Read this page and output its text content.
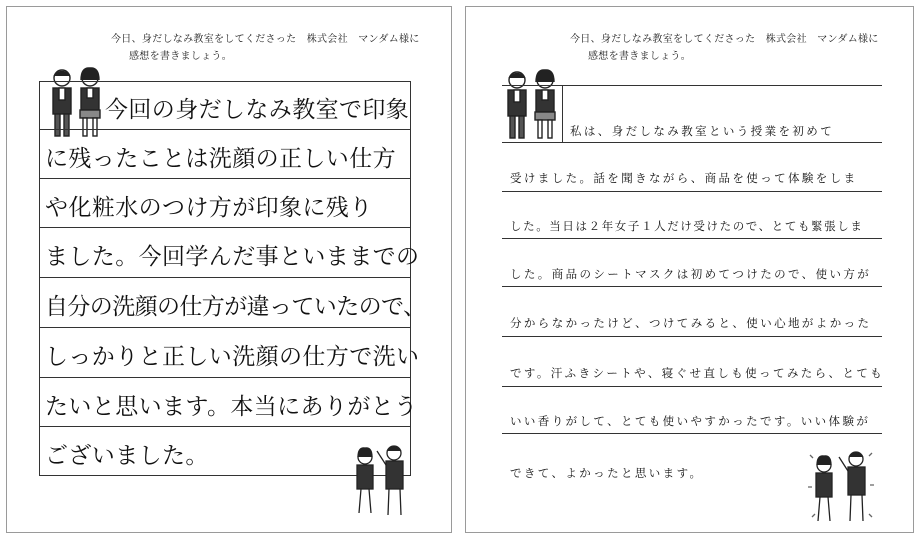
今日、身だしなみ教室をしてくださった　株式会社　マンダム様に
感想を書きましょう。
今回の身だしなみ教室で印象
に残ったことは洗顔の正しい仕方
や化粧水のつけ方が印象に残り
ました。今回学んだ事といままでの
自分の洗顔の仕方が違っていたので、
しっかりと正しい洗顔の仕方で洗い
たいと思います。本当にありがとう
ございました。
今日、身だしなみ教室をしてくださった　株式会社　マンダム様に
感想を書きましょう。
私は、身だしなみ教室という授業を初めて
受けました。話を聞きながら、商品を使って体験をしま
した。当日は２年女子１人だけ受けたので、とても緊張しま
した。商品のシートマスクは初めてつけたので、使い方が
分からなかったけど、つけてみると、使い心地がよかった
です。汗ふきシートや、寝ぐせ直しも使ってみたら、とても
いい香りがして、とても使いやすかったです。いい体験が
できて、よかったと思います。
